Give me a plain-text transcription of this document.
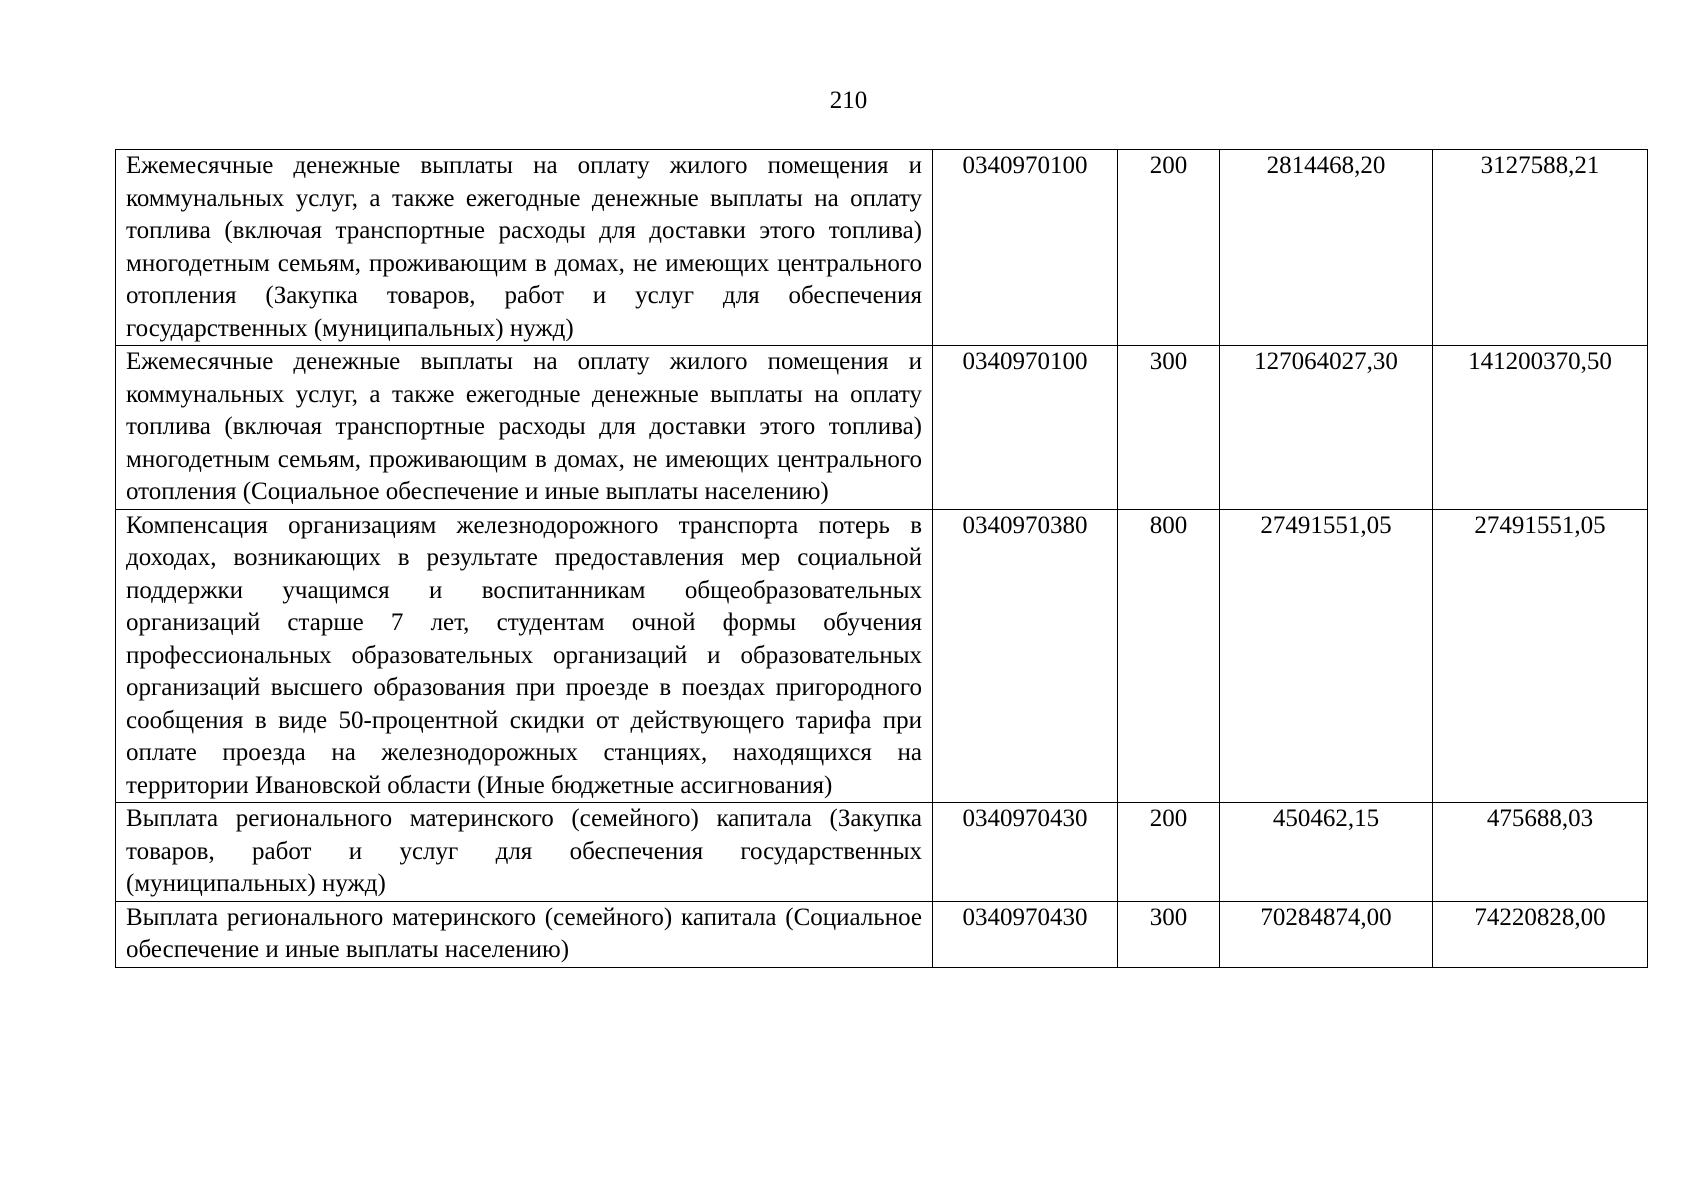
210
Ежемесячные денежные выплаты на оплату жилого помещения и коммунальных услуг, а также ежегодные денежные выплаты на оплату топлива (включая транспортные расходы для доставки этого топлива) многодетным семьям, проживающим в домах, не имеющих центрального отопления (Закупка товаров, работ и услуг для обеспечения государственных (муниципальных) нужд)	0340970100	200	2814468,20	3127588,21
Ежемесячные денежные выплаты на оплату жилого помещения и коммунальных услуг, а также ежегодные денежные выплаты на оплату топлива (включая транспортные расходы для доставки этого топлива) многодетным семьям, проживающим в домах, не имеющих центрального отопления (Социальное обеспечение и иные выплаты населению)	0340970100	300	127064027,30	141200370,50
Компенсация организациям железнодорожного транспорта потерь в доходах, возникающих в результате предоставления мер социальной поддержки учащимся и воспитанникам общеобразовательных организаций старше 7 лет, студентам очной формы обучения профессиональных образовательных организаций и образовательных организаций высшего образования при проезде в поездах пригородного сообщения в виде 50-процентной скидки от действующего тарифа при оплате проезда на железнодорожных станциях, находящихся на территории Ивановской области (Иные бюджетные ассигнования)	0340970380	800	27491551,05	27491551,05
Выплата регионального материнского (семейного) капитала (Закупка товаров, работ и услуг для обеспечения государственных (муниципальных) нужд)	0340970430	200	450462,15	475688,03
Выплата регионального материнского (семейного) капитала (Социальное обеспечение и иные выплаты населению)	0340970430	300	70284874,00	74220828,00
